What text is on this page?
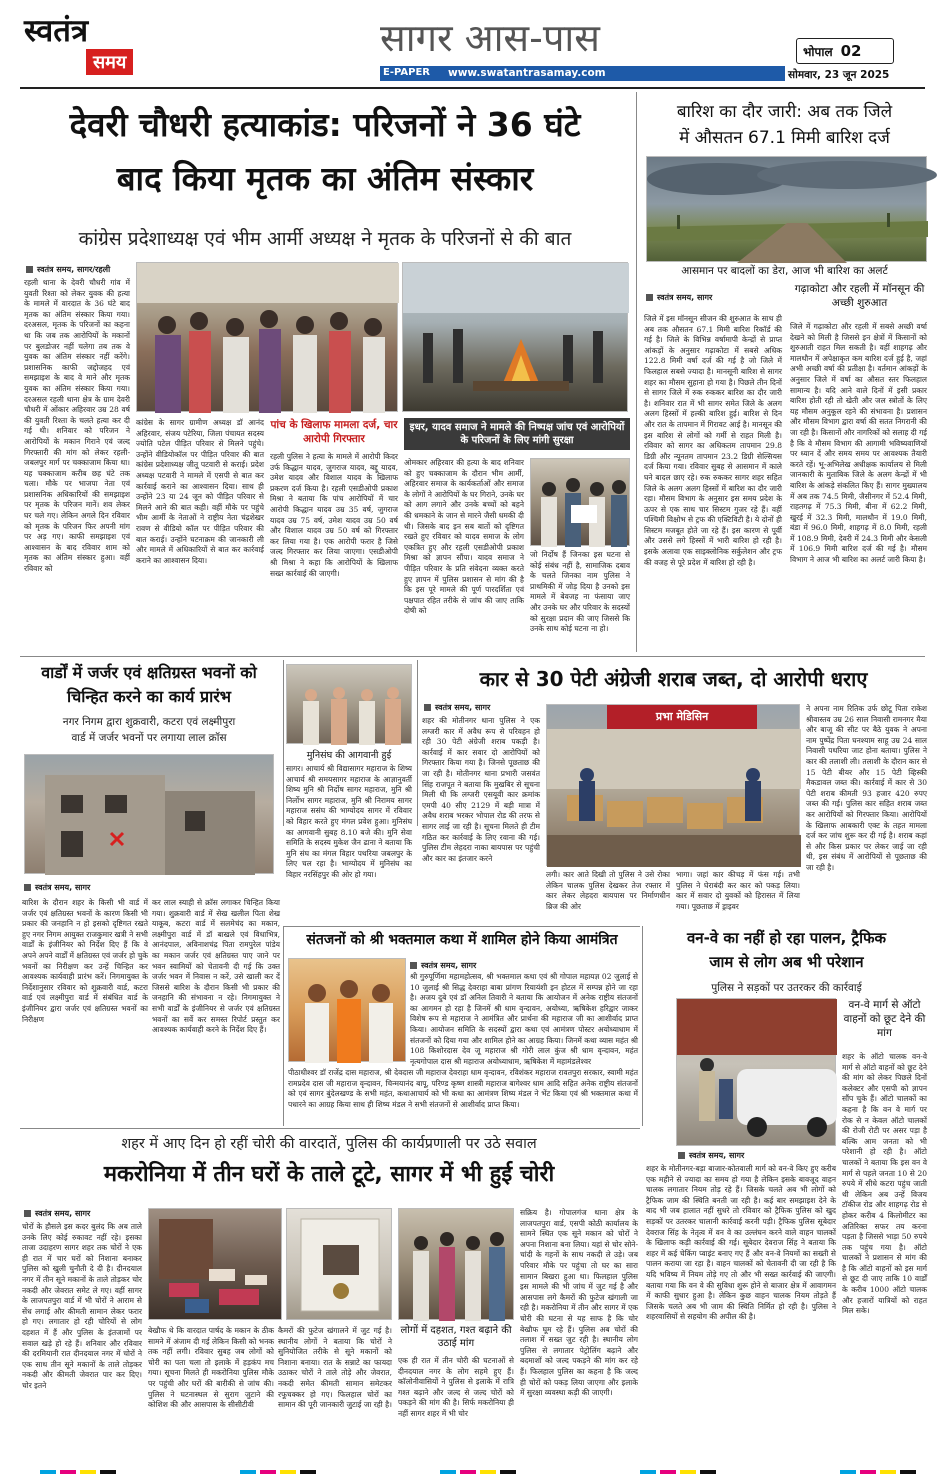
स्वतंत्र
समय
सागर आस-पास
E-PAPER www.swatantrasamay.com
भोपाल 02
सोमवार, 23 जून 2025
देवरी चौधरी हत्याकांड: परिजनों ने 36 घंटे
बाद किया मृतक का अंतिम संस्कार
कांग्रेस प्रदेशाध्यक्ष एवं भीम आर्मी अध्यक्ष ने मृतक के परिजनों से की बात
स्वतंत्र समय, सागर/रहली
रहली थाना के देवरी चौधरी गांव में युवती रिश्ता को लेकर युवक की हत्या के मामले में वारदात के 36 घंटे बाद मृतक का अंतिम संस्कार किया गया। दरअसल, मृतक के परिजनों का कहना था कि जब तक आरोपियों के मकानों पर बुलडोजर नहीं चलेगा तब तक वे युवक का अंतिम संस्कार नहीं करेंगे। प्रशासनिक काफी जद्दोजहद एवं समझाइश के बाद वे माने और मृतक युवक का अंतिम संस्कार किया गया। दरअसल रहली थाना क्षेत्र के ग्राम देवरी चौधरी में ओंकार अहिरवार उम्र 28 वर्ष की युवती रिश्ता के चलते हत्या कर दी गई थी। शनिवार को परिजन ने आरोपियों के मकान गिराने एवं जल्द गिरफ्तारी की मांग को लेकर रहली-जबलपुर मार्ग पर चक्काजाम किया था। यह चक्काजाम करीब छह घंटे तक चला। मौके पर भाजपा नेता एवं प्रशासनिक अधिकारियों की समझाइश पर मृतक के परिजन मानें। शव लेकर घर चले गए। लेकिन अगले दिन रविवार को मृतक के परिजन फिर अपनी मांग पर अड़ गए। काफी समझाइश एवं आश्वासन के बाद रविवार शाम को मृतक का अंतिम संस्कार हुआ। वहीं रविवार को
कांग्रेस के सागर ग्रामीण अध्यक्ष डॉ आनंद अहिरवार, संजय पटेरिया, जिला पंचायत सदस्य ज्योति पटेल पीड़ित परिवार से मिलने पहुंचे। उन्होंने वीडियोकॉल पर पीड़ित परिवार की बात कांग्रेस प्रदेशाध्यक्ष जीतू पटवारी से कराई। प्रदेश अध्यक्ष पटवारी ने मामले में एसपी से बात कर कार्रवाई कराने का आश्वासन दिया। साथ ही उन्होंने 23 या 24 जून को पीड़ित परिवार से मिलने आने की बात कही। वहीं मौके पर पहुंचे भीम आर्मी के नेताओं ने राष्ट्रीय नेता चंद्रशेखर रावण से वीडियो कॉल पर पीड़ित परिवार की बात कराई। उन्होंने घटनाक्रम की जानकारी ली और मामले में अधिकारियों से बात कर कार्रवाई कराने का आश्वासन दिया।
पांच के खिलाफ मामला दर्ज, चार आरोपी गिरफ्तार
रहली पुलिस ने हत्या के मामले में आरोपी किदर उर्फ किद्धान यादव, जुगराज यादव, बद्दू यादव, उमेश यादव और विशाल यादव के खिलाफ प्रकरण दर्ज किया है। रहली एसडीओपी प्रकाश मिश्रा ने बताया कि पांच आरोपियों में चार आरोपी किद्धान यादव उम्र 35 वर्ष, जुगराज यादव उम्र 75 वर्ष, उमेश यादव उम्र 50 वर्ष और विशाल यादव उम्र 50 वर्ष को गिरफ्तार कर लिया गया है। एक आरोपी फरार है जिसे जल्द गिरफ्तार कर लिया जाएगा। एसडीओपी श्री मिश्रा ने कहा कि आरोपियों के खिलाफ सख्त कार्रवाई की जाएगी।
इधर, यादव समाज ने मामले की निष्पक्ष जांच एवं आरोपियों के परिजनों के लिए मांगी सुरक्षा
ओमकार अहिरवार की हत्या के बाद शनिवार को हुए चक्काजाम के दौरान भीम आर्मी, अहिरवार समाज के कार्यकर्ताओं और समाज के लोगों ने आरोपियों के घर गिराने, उनके घर को आग लगाने और उनके बच्चों को बहने की धमकाने के जान से मारने जैसी धमकी दी थी। जिसके बाद इन सब बातों को दृष्टिगत रखते हुए रविवार को यादव समाज के लोग एकत्रित हुए और रहली एसडीओपी प्रकाश मिश्रा को ज्ञापन सौंपा। यादव समाज ने पीड़ित परिवार के प्रति संवेदना व्यक्त करते हुए ज्ञापन में पुलिस प्रशासन से मांग की है कि इस पूरे मामले की पूर्ण पारदर्शिता एवं पक्षपात रहित तरीके से जांच की जाए ताकि दोषी को
जो निर्दोष हैं जिनका इस घटना से कोई संबंध नहीं है, सामाजिक दबाव के चलते जिनका नाम पुलिस ने प्राथमिकी में जोड़ दिया है उनको इस मामले में बेवजह ना फंसाया जाए और उनके घर और परिवार के सदस्यों को सुरक्षा प्रदान की जाए जिससे कि उनके साथ कोई घटना ना हो।
बारिश का दौर जारी: अब तक जिले
में औसतन 67.1 मिमी बारिश दर्ज
आसमान पर बादलों का डेरा, आज भी बारिश का अलर्ट
स्वतंत्र समय, सागर
गढ़ाकोटा और रहली में मॉनसून की अच्छी शुरुआत
जिले में इस मॉनसून सीजन की शुरुआत के साथ ही अब तक औसतन 67.1 मिमी बारिश रिकॉर्ड की गई है। जिले के विभिन्न वर्षामापी केन्द्रों से प्राप्त आंकड़ों के अनुसार गढ़ाकोटा में सबसे अधिक 122.8 मिमी वर्षा दर्ज की गई है जो जिले में फिलहाल सबसे ज्यादा है। मानसूनी बारिश से सागर शहर का मौसम सुहाना हो गया है। पिछले तीन दिनों से सागर जिले में रुक रुककर बारिश का दौर जारी है। शनिवार रात में भी सागर समेत जिले के अलग अलग हिस्सों में हल्की बारिश हुई। बारिश से दिन और रात के तापमान में गिरावट आई है। मानसून की इस बारिश से लोगों को गर्मी से राहत मिली है। रविवार को सागर का अधिकतम तापमान 29.8 डिग्री और न्यूनतम तापमान 23.2 डिग्री सेल्सियस दर्ज किया गया। रविवार सुबह से आसमान में काले घने बादल छाए रहे। रुक रुककर सागर शहर सहित जिले के अलग अलग हिस्सों में बारिश का दौर जारी रहा। मौसम विभाग के अनुसार इस समय प्रदेश के ऊपर से एक साथ चार सिस्टम गुजर रहे हैं। वहीं पश्चिमी विक्षोभ से ट्रफ की एक्टिविटी है। ये दोनों ही सिस्टम मजबूत होते जा रहे हैं। इस कारण से पूर्वी और उससे लगे हिस्सों में भारी बारिश हो रही है। इसके अलावा एक साइक्लोनिक सर्कुलेशन और ट्रफ की वजह से पूरे प्रदेश में बारिश हो रही है।
जिले में गढ़ाकोटा और रहली में सबसे अच्छी वर्षा देखने को मिली है जिससे इन क्षेत्रों में किसानों को शुरुआती राहत मिल सकती है। वहीं शाहगढ़ और मालथौन में अपेक्षाकृत कम बारिश दर्ज हुई है, जहां अभी अच्छी वर्षा की प्रतीक्षा है। वर्तमान आंकड़ों के अनुसार जिले में वर्षा का औसत स्तर फिलहाल सामान्य है। यदि आने वाले दिनों में इसी प्रकार बारिश होती रही तो खेती और जल स्त्रोतों के लिए यह मौसम अनुकूल रहने की संभावना है। प्रशासन और मौसम विभाग द्वारा वर्षा की सतत निगरानी की जा रही है। किसानों और नागरिकों को सलाह दी गई है कि वे मौसम विभाग की आगामी भविष्यवाणियों पर ध्यान दें और समय समय पर आवश्यक तैयारी करते रहें। भू-अभिलेख अधीक्षक कार्यालय से मिली जानकारी के मुताबिक जिले के अलग केन्द्रों में भी बारिश के आंकड़े संकलित किए हैं। सागर मुख्यालय में अब तक 74.5 मिमी, जैसीनगर में 52.4 मिमी, राहतगढ़ में 75.3 मिमी, बीना में 62.2 मिमी, खुरई में 32.3 मिमी, मालथौन में 19.0 मिमी, बंडा में 96.0 मिमी, शाहगढ़ में 8.0 मिमी, रहली में 108.9 मिमी, देवरी में 24.3 मिमी और केसली में 106.9 मिमी बारिश दर्ज की गई है। मौसम विभाग ने आज भी बारिश का अलर्ट जारी किया है।
वार्डों में जर्जर एवं क्षतिग्रस्त भवनों को
चिन्हित करने का कार्य प्रारंभ
नगर निगम द्वारा शुक्रवारी, कटरा एवं लक्ष्मीपुरा
वार्ड में जर्जर भवनों पर लगाया लाल क्रॉस
स्वतंत्र समय, सागर
बारिश के दौरान शहर के किसी भी वार्ड में जर्जर एवं क्षतिग्रस्त भवनों के कारण किसी भी प्रकार की जनहानि न हो इसको दृष्टिगत रखते हुए नगर निगम आयुक्त राजकुमार खत्री ने सभी वार्डों के इंजीनियर को निर्देश दिए हैं कि वे अपने अपने वार्डों में क्षतिग्रस्त एवं जर्जर हो चुके भवनों का निरीक्षण कर उन्हें चिन्हित कर आवश्यक कार्यवाही प्रारंभ करें। निगमायुक्त के निर्देशानुसार रविवार को शुक्रवारी वार्ड, कटरा वार्ड एवं लक्ष्मीपुरा वार्ड में संबंधित वार्ड के इंजीनियर द्वारा जर्जर एवं क्षतिग्रस्त भवनों का निरीक्षण
कर लाल स्याही से क्रॉस लगाकर चिन्हित किया गया। शुक्रवारी वार्ड में सेख खलील पिता शेख याकूब, कटरा वार्ड में सलमेचंद का मकान, लक्ष्मीपुरा वार्ड में डॉ बाखले एवं विधाभित्र, आनंदपाल, अविनाशचंद्र पिता रामपुरेल पांडेय का मकान जर्जर एवं क्षतिग्रस्त पाए जाने पर भवन स्वामियों को चेतावनी दी गई कि उक्त जर्जर भवन में निवास न करें, उसे खाली कर दें जिससे बारिश के दौरान किसी भी प्रकार की जनहानि की संभावना न रहे। निगमायुक्त ने सभी वार्डों के इंजीनियर से जर्जर एवं क्षतिग्रस्त भवनों का सर्वे कर समस्त रिपोर्ट प्रस्तुत कर आवश्यक कार्यवाही करने के निर्देश दिए हैं।
मुनिसंघ की आगवानी हुई
सागर। आचार्य श्री विद्यासागर महाराज के शिष्य आचार्य श्री समयसागर महाराज के आज्ञानुवर्ती शिष्य मुनि श्री निर्दोष सागर महाराज, मुनि श्री निर्लोभ सागर महाराज, मुनि श्री निरामय सागर महाराज ससंघ की भाग्योदय सागर में रविवार को विहार करते हुए मंगल प्रवेश हुआ। मुनिसंघ का आगवानी सुबह 8.10 बजे की। मुनि सेवा समिति के सदस्य मुकेश जैन ढाना ने बताया कि मुनि संघ का मंगल विहार पथरिया जबलपुर के लिए चल रहा है। भाग्योदय में मुनिसंघ का विहार नरसिंहपुर की ओर हो गया।
कार से 30 पेटी अंग्रेजी शराब जब्त, दो आरोपी धराए
स्वतंत्र समय, सागर
शहर की मोतीनगर थाना पुलिस ने एक लग्जरी कार में अवैध रूप से परिवहन हो रही 30 पेटी अंग्रेजी शराब पकड़ी है। कार्रवाई में कार सवार दो आरोपियों को गिरफ्तार किया गया है। जिनसे पूछताछ की जा रही है। मोतीनगर थाना प्रभारी जसवंत सिंह राजपूत ने बताया कि मुखबिर से सूचना मिली थी कि लग्जरी एसयूवी कार क्रमांक एमपी 40 सीए 2129 में बड़ी मात्रा में अवैध शराब भरकर भोपाल रोड की तरफ से सागर लाई जा रही है। सूचना मिलते ही टीम गठित कर कार्रवाई के लिए रवाना की गई। पुलिस टीम लेहदरा नाका बायपास पर पहुंची और कार का इंतजार करने
प्रभा मेडिसिन
लगी। कार आते दिखी तो पुलिस ने उसे रोका लेकिन चालक पुलिस देखकर तेज रफ्तार में कार लेकर लेहदरा बायपास पर निर्माणधीन ब्रिज की ओर
भागा। जहां कार कीचड़ में फंस गई। तभी पुलिस ने घेराबंदी कर कार को पकड़ लिया। कार में सवार दो युवकों को हिरासत में लिया गया। पूछताछ में ड्राइवर
ने अपना नाम रितिक उर्फ छोटू पिता राकेश श्रीवास्तव उम्र 26 साल निवासी रामनगर मैया और बाजू की सीट पर बैठे युवक ने अपना नाम पुष्पेंद्र पिता घनश्याम साहू उम्र 24 साल निवासी पथरिया जाट होना बताया। पुलिस ने कार की तलाशी ली। तलाशी के दौरान कार से 15 पेटी बीयर और 15 पेटी व्हिस्की मैकडावल जब्त की। कार्रवाई में कार से 30 पेटी शराब कीमती 93 हजार 420 रुपए जब्त की गई। पुलिस कार सहित शराब जब्त कर आरोपियों को गिरफ्तार किया। आरोपियों के खिलाफ आबकारी एक्ट के तहत मामला दर्ज कर जांच शुरू कर दी गई है। शराब कहां से और किस प्रकार पर लेकर जाई जा रही थी, इस संबंध में आरोपियों से पूछताछ की जा रही है।
संतजनों को श्री भक्तमाल कथा में शामिल होने किया आमंत्रित
स्वतंत्र समय, सागर
श्री गुरुपूर्णिमा महामहोत्सव, श्री भक्तमाल कथा एवं श्री गोपाल महायज्ञ 02 जुलाई से 10 जुलाई श्री सिद्ध देवराहा बाबा प्रांगण रियायंशी इन होटल में सम्पन्न होने जा रहा है। अजय दुबे एवं डॉ अनिल तिवारी ने बताया कि आयोजन में अनेक राष्ट्रीय संतजनों का आगमन हो रहा है जिनमें श्री धाम वृन्दावन, अयोध्या, ऋषिकेश हरिद्वार जाकर विशेष रूप से महाराज ने आमंत्रित और प्रार्थना की महाराज जी का आशीर्वाद प्राप्त किया। आयोजन समिति के सदस्यों द्वारा कथा एवं आमंत्रण पोस्टर अयोध्याधाम में संतजनों को दिया गया और शामिल होने का आग्रह किया। जिनमें कथा व्यास महंत श्री 108 किशोरदास देव जू महाराज श्री गोरी लाल कुंज श्री धाम वृन्दावन, महंत नृत्यगोपाल दास श्री महाराज अयोध्याधाम, ऋषिकेश में महामंडलेश्वर
पीठाधीश्वर डॉ राजेंद्र दास महाराज, श्री देवदास जी महाराज देवराहा धाम वृन्दावन, रविशंकर महाराज रावतपुरा सरकार, स्वामी महंत रामप्रदेव दास जी महाराज वृन्दावन, चिन्मयानंद बापू, परिण्ड कृष्ण शास्त्री महाराज बागेश्वर धाम आदि सहित अनेक राष्ट्रीय संतजनों को एवं सागर बुंदेलखण्ड के सभी महंत, कथाआचार्य को भी कथा का आमंत्रण शिष्य मंडल ने भेंट किया एवं श्री भक्तमाल कथा में पधारने का आग्रह किया साथ ही शिष्य मंडल ने सभी संतजनों से आशीर्वाद प्राप्त किया।
वन-वे का नहीं हो रहा पालन, ट्रैफिक
जाम से लोग अब भी परेशान
पुलिस ने सड़कों पर उतरकर की कार्रवाई
वन-वे मार्ग से ऑटो वाहनों को छूट देने की मांग
शहर के ऑटो चालक वन-वे मार्ग से ऑटो वाहनों को छूट देने की मांग को लेकर पिछले दिनों कलेक्टर और एसपी को ज्ञापन सौंप चुके हैं। ऑटो चालकों का कहना है कि वन वे मार्ग पर रोक से न केवल ऑटो चालकों की रोजी रोटी पर असर पड़ा है बल्कि आम जनता को भी परेशानी हो रही है। ऑटो चालकों ने बताया कि इस वन वे मार्ग से पहले जनता 10 से 20 रुपये में सीधे कटरा पहुंच जाती थी लेकिन अब उन्हें विजय टॉकीज रोड और शाहगढ़ रोड से होकर करीब 4 किलोमीटर का अतिरिक्त सफर तय करना पड़ता है जिससे भाड़ा 50 रुपये तक पहुंच गया है। ऑटो चालकों ने प्रशासन से मांग की है कि ऑटो वाहनों को इस मार्ग से छूट दी जाए ताकि 10 वार्डों के करीब 1000 ऑटो चालक और हजारों यात्रियों को राहत मिल सके।
स्वतंत्र समय, सागर
शहर के मोतीनगर-बड़ा बाजार-कोतवाली मार्ग को वन-वे किए हुए करीब एक महीने से ज्यादा का समय हो गया है लेकिन इसके बावजूद वाहन चालक लगातार नियम तोड़ रहे हैं। जिसके चलते अब भी लोगों को ट्रैफिक जाम की स्थिति बनती जा रही है। कई बार समझाइश देने के बाद भी जब हालात नहीं सुधरे तो रविवार को ट्रैफिक पुलिस को खुद सड़कों पर उतरकर चालानी कार्रवाई करनी पड़ी। ट्रैफिक पुलिस सूबेदार देवराज सिंह के नेतृत्व में वन वे का उल्लंघन करने वाले वाहन चालकों के खिलाफ कड़ी कार्रवाई की गई। सूबेदार देवराज सिंह ने बताया कि शहर में कई चेकिंग प्वाइंट बनाए गए हैं और वन-वे नियमों का सख्ती से पालन कराया जा रहा है। वाहन चालकों को चेतावनी दी जा रही है कि यदि भविष्य में नियम तोड़े गए तो और भी सख्त कार्रवाई की जाएगी। बताया गया कि वन वे की सुविधा शुरू होने से बाजार क्षेत्र में आवागमन में काफी सुधार हुआ है। लेकिन कुछ वाहन चालक नियम तोड़ते हैं जिसके चलते अब भी जाम की स्थिति निर्मित हो रही है। पुलिस ने शहरवासियों से सहयोग की अपील की है।
शहर में आए दिन हो रहीं चोरी की वारदातें, पुलिस की कार्यप्रणाली पर उठे सवाल
मकरोनिया में तीन घरों के ताले टूटे, सागर में भी हुई चोरी
स्वतंत्र समय, सागर
चोरों के हौसले इस कदर बुलंद कि अब ताले उनके लिए कोई रुकावट नहीं रहे। इसका ताजा उदाहरण सागर शहर तक चोरों ने एक ही रात में चार घरों को निशाना बनाकर पुलिस को खुली चुनौती दे दी है। दीनदयाल नगर में तीन सूने मकानों के ताले तोड़कर चोर नकदी और जेवरात समेट ले गए। वहीं सागर के लाजपतपुरा वार्ड में भी चोरों ने आराम से सेंध लगाई और कीमती सामान लेकर फरार हो गए। लगातार हो रही चोरियों से लोग दहशत में हैं और पुलिस के इंतजामों पर सवाल खड़े हो रहे हैं। शनिवार और रविवार की दरमियानी रात दीनदयाल नगर में चोरों ने एक साथ तीन सूने मकानों के ताले तोड़कर नकदी और कीमती जेवरात पार कर दिए। चोर इतने
बेखौफ थे कि वारदात पार्षद के मकान के ठीक सामने में अंजाम दी गई लेकिन किसी को भनक तक नहीं लगी। रविवार सुबह जब लोगों को चोरी का पता चला तो इलाके में हड़कंप मच गया। सूचना मिलते ही मकरोनिया पुलिस मौके पर पहुंची और घरों की बारीकी से जांच की। पुलिस ने घटनास्थल से सुराग जुटाने की कोशिश की और आसपास के सीसीटीवी
कैमरों की फुटेज खंगालने में जुट गई है। स्थानीय लोगों ने बताया कि चोरों ने सुनियोजित तरीके से सूने मकानों को निशाना बनाया। रात के सन्नाटे का फायदा उठाकर चोरों ने ताले तोड़े और जेवरात, नकदी समेत कीमती सामान समेटकर रफूचक्कर हो गए। फिलहाल चोरों का सामान की पूरी जानकारी जुटाई जा रही है।
लोगों में दहशत, गश्त बढ़ाने की उठाई मांग
एक ही रात में तीन चोरी की घटनाओं से दीनदयाल नगर के लोग सहमे हुए हैं। कॉलोनीवासियों ने पुलिस से इलाके में रात्रि गश्त बढ़ाने और जल्द से जल्द चोरों को पकड़ने की मांग की है। सिर्फ मकरोनिया ही नहीं सागर शहर में भी चोर
सक्रिय है। गोपालगंज थाना क्षेत्र के लाजपतपुरा वार्ड, एसपी कोठी कार्यालय के सामने स्थित एक सूने मकान को चोरों ने अपना निशाना बना लिया। यहां से चोर सोने-चांदी के गहनों के साथ नकदी ले उड़े। जब परिवार मौके पर पहुंचा तो घर का सारा सामान बिखरा हुआ था। फिलहाल पुलिस इस मामले की भी जांच में जुट गई है और आसपास लगे कैमरों की फुटेज खंगाली जा रही है। मकरोनिया में तीन और सागर में एक चोरी की घटना से यह साफ है कि चोर बेखौफ घूम रहे हैं। पुलिस अब चोरों की तलाश में सख्त जुट रही है। स्थानीय लोग पुलिस से लगातार पेट्रोलिंग बढ़ाने और बदमाशों को जल्द पकड़ने की मांग कर रहे हैं। फिलहाल पुलिस का कहना है कि जल्द ही चोरों को पकड़ लिया जाएगा और इलाके में सुरक्षा व्यवस्था कड़ी की जाएगी।
